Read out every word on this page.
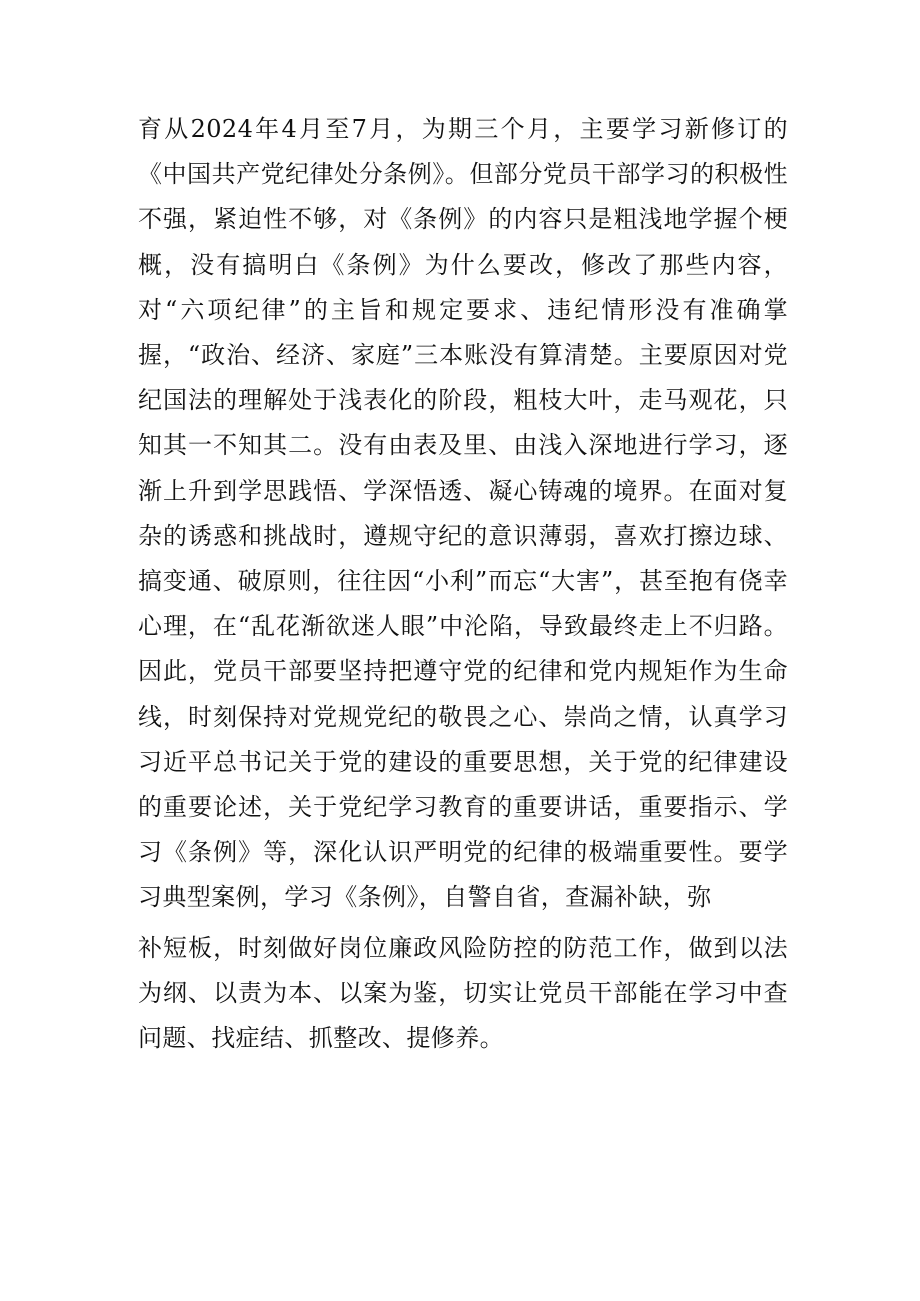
育从2024年4月至7月，为期三个月，主要学习新修订的《中国共产党纪律处分条例》。但部分党员干部学习的积极性不强，紧迫性不够，对《条例》的内容只是粗浅地学握个梗概，没有搞明白《条例》为什么要改，修改了那些内容，对“六项纪律”的主旨和规定要求、违纪情形没有准确掌握，“政治、经济、家庭”三本账没有算清楚。主要原因对党纪国法的理解处于浅表化的阶段，粗枝大叶，走马观花，只知其一不知其二。没有由表及里、由浅入深地进行学习，逐渐上升到学思践悟、学深悟透、凝心铸魂的境界。在面对复杂的诱惑和挑战时，遵规守纪的意识薄弱，喜欢打擦边球、搞变通、破原则，往往因“小利”而忘“大害”，甚至抱有侥幸心理，在“乱花渐欲迷人眼”中沦陷，导致最终走上不归路。因此，党员干部要坚持把遵守党的纪律和党内规矩作为生命线，时刻保持对党规党纪的敬畏之心、崇尚之情，认真学习习近平总书记关于党的建设的重要思想，关于党的纪律建设的重要论述，关于党纪学习教育的重要讲话，重要指示、学习《条例》等，深化认识严明党的纪律的极端重要性。要学习典型案例，学习《条例》，自警自省，查漏补缺，弥

补短板，时刻做好岗位廉政风险防控的防范工作，做到以法为纲、以责为本、以案为鉴，切实让党员干部能在学习中查问题、找症结、抓整改、提修养。
